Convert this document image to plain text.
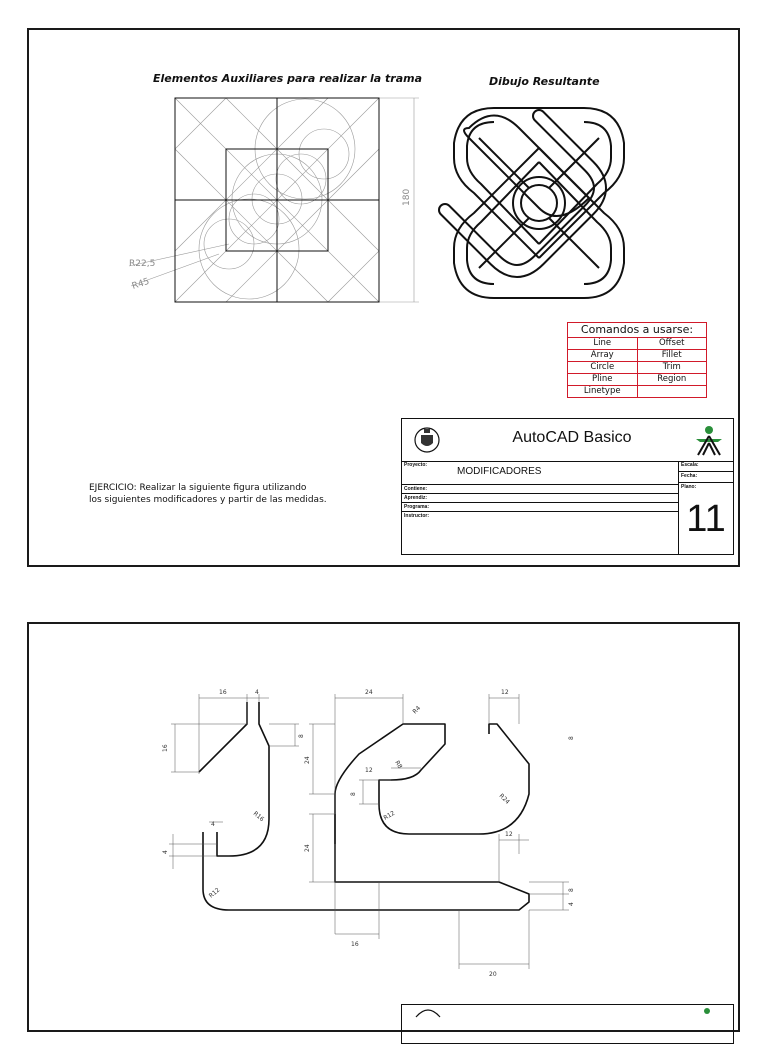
Elementos Auxiliares para realizar la trama	Dibujo Resultante
R22,5
R45
180
Comandos a usarse:
Line	Offset
Array	Fillet
Circle	Trim
Pline	Region
Linetype
EJERCICIO: Realizar la siguiente figura utilizando
los siguientes modificadores y partir de las medidas.
AutoCAD Basico
Proyecto:
MODIFICADORES
Contiene:
Aprendiz:
Programa:
Instructor:
Escala:
Fecha:
Plano:
11
16	4	24	12
16
8
24
24
R16
R4
R8
R12
R24
R12
12
8
4
4
16
20
12
8
4
8
